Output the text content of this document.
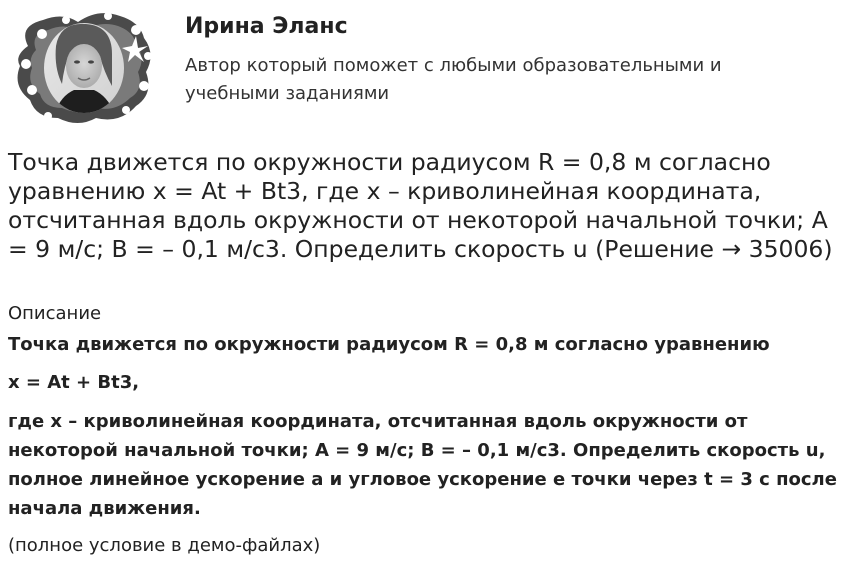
Ирина Эланс
Автор который поможет с любыми образовательными и учебными заданиями
Точка движется по окружности радиусом R = 0,8 м согласно уравнению x = At + Bt3, где x – криволинейная координата, отсчитанная вдоль окружности от некоторой начальной точки; A = 9 м/с; B = – 0,1 м/с3. Определить скорость u (Решение → 35006)
Описание

Точка движется по окружности радиусом R = 0,8 м согласно уравнению

x = At + Bt3,

где x – криволинейная координата, отсчитанная вдоль окружности от некоторой начальной точки; A = 9 м/с; B = – 0,1 м/с3. Определить скорость u, полное линейное ускорение a и угловое ускорение e точки через t = 3 с после начала движения.

(полное условие в демо-файлах)
